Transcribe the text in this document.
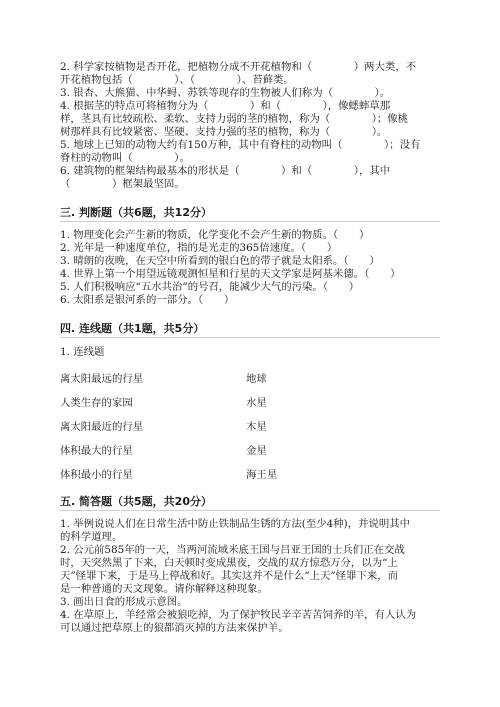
2. 科学家按植物是否开花，把植物分成不开花植物和（　　　　）两大类，不

开花植物包括（　　　　）、（　　　　）、苔藓类。

3. 银杏、大熊猫、中华鲟、苏铁等现存的生物被人们称为（　　　　）。

4. 根据茎的特点可将植物分为（　　　　）和（　　　　），像蟋蟀草那

样，茎具有比较疏松、柔软、支持力弱的茎的植物，称为（　　　　）；像桃

树那样具有比较紧密、坚硬、支持力强的茎的植物，称为（　　　　）。

5. 地球上已知的动物大约有150万种，其中有脊柱的动物叫（　　　　）；没有

脊柱的动物叫（　　　　）。

6. 建筑物的框架结构最基本的形状是（　　　　）和（　　　　），其中

（　　　　）框架最坚固。

三. 判断题（共6题，共12分）

1. 物理变化会产生新的物质，化学变化不会产生新的物质。（　　）

2. 光年是一种速度单位，指的是光走的365倍速度。（　　）

3. 晴朗的夜晚，在天空中所看到的银白色的带子就是太阳系。（　　）

4. 世界上第一个用望远镜观测恒星和行星的天文学家是阿基米德。（　　）

5. 人们积极响应“五水共治”的号召，能减少大气的污染。（　　）

6. 太阳系是银河系的一部分。（　　）

四. 连线题（共1题，共5分）

1. 连线题

离太阳最远的行星	地球
人类生存的家园	水星
离太阳最近的行星	木星
体积最大的行星	金星
体积最小的行星	海王星
五. 简答题（共5题，共20分）

1. 举例说说人们在日常生活中防止铁制品生锈的方法(至少4种)，并说明其中

的科学道理。

2. 公元前585年的一天，当两河流域米底王国与吕亚王国的士兵们正在交战

时，天突然黑了下来，白天顿时变成黑夜，交战的双方惊恐万分，以为“上

天”怪罪下来，于是马上停战和好。其实这并不是什么“上天”怪罪下来，而

是一种普通的天文现象。请你解释这种现象。

3. 画出日食的形成示意图。

4. 在草原上，羊经常会被狼吃掉，为了保护牧民辛辛苦苦饲养的羊，有人认为

可以通过把草原上的狼都消灭掉的方法来保护羊。
